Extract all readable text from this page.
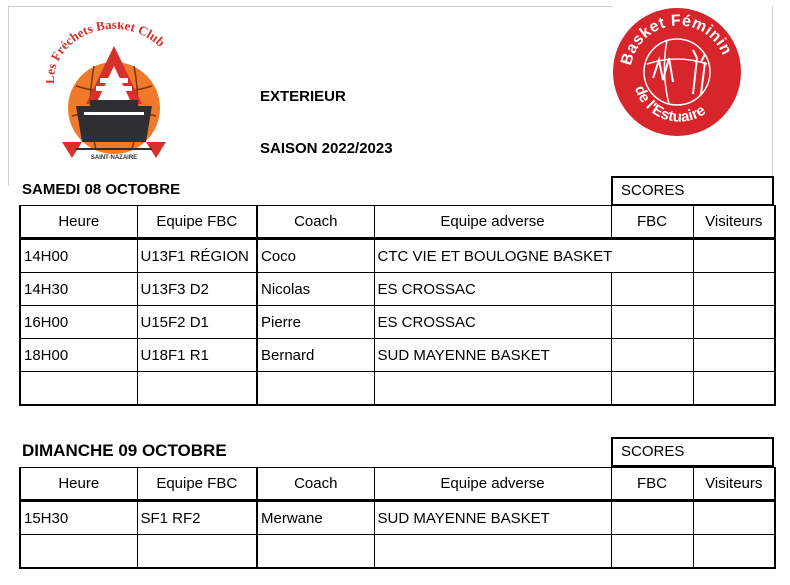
Fréchets Basket Club
SAINT-NAZAIRE
Basket Féminin
de l'Estuaire
EXTERIEUR
SAISON 2022/2023
SAMEDI 08 OCTOBRE	SCORES
Heure	Equipe FBC	Coach	Equipe adverse	FBC	Visiteurs
14H00	U13F1 RÉGION	Coco	CTC VIE ET BOULOGNE BASKET		
14H30	U13F3 D2	Nicolas	ES CROSSAC		
16H00	U15F2 D1	Pierre	ES CROSSAC		
18H00	U18F1 R1	Bernard	SUD MAYENNE BASKET		

DIMANCHE 09 OCTOBRE	SCORES
Heure	Equipe FBC	Coach	Equipe adverse	FBC	Visiteurs
15H30	SF1 RF2	Merwane	SUD MAYENNE BASKET		
